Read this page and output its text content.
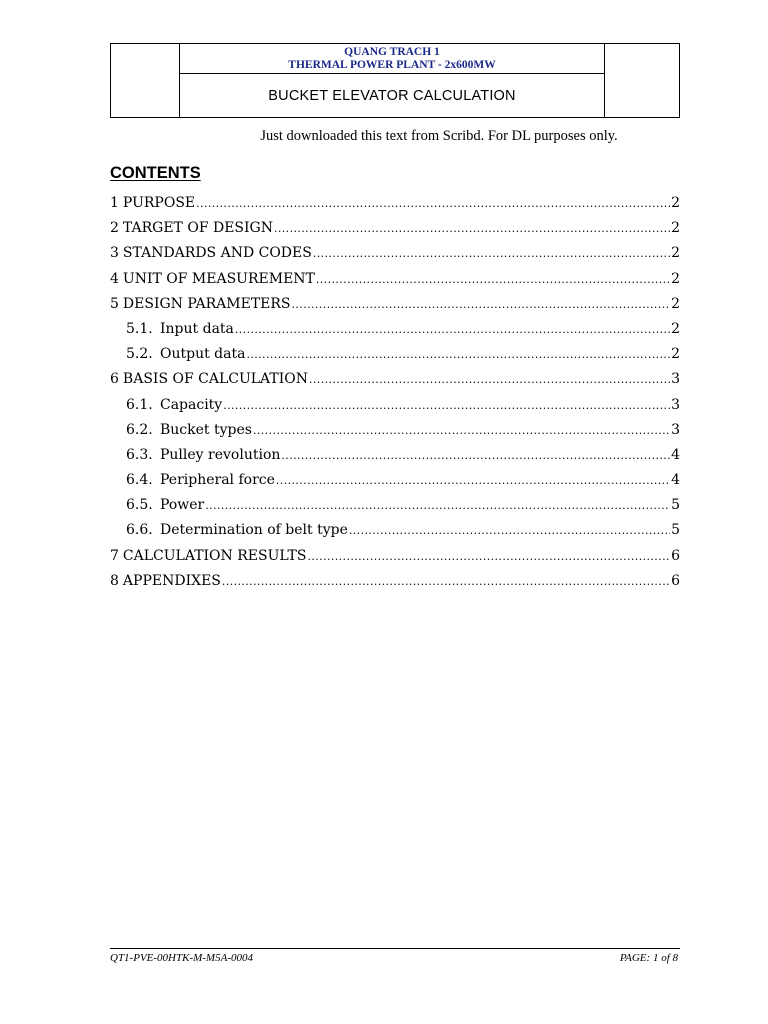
QUANG TRACH 1
THERMAL POWER PLANT - 2x600MW
BUCKET ELEVATOR CALCULATION
Just downloaded this text from Scribd. For DL purposes only.
CONTENTS
1 PURPOSE .....	2
2 TARGET OF DESIGN .....	2
3 STANDARDS AND CODES .....	2
4 UNIT OF MEASUREMENT .....	2
5 DESIGN PARAMETERS .....	2
5.1. Input data .....	2
5.2. Output data .....	2
6 BASIS OF CALCULATION .....	3
6.1. Capacity .....	3
6.2. Bucket types .....	3
6.3. Pulley revolution .....	4
6.4. Peripheral force .....	4
6.5. Power .....	5
6.6. Determination of belt type .....	5
7 CALCULATION RESULTS .....	6
8 APPENDIXES .....	6
QT1-PVE-00HTK-M-M5A-0004	PAGE: 1 of 8
